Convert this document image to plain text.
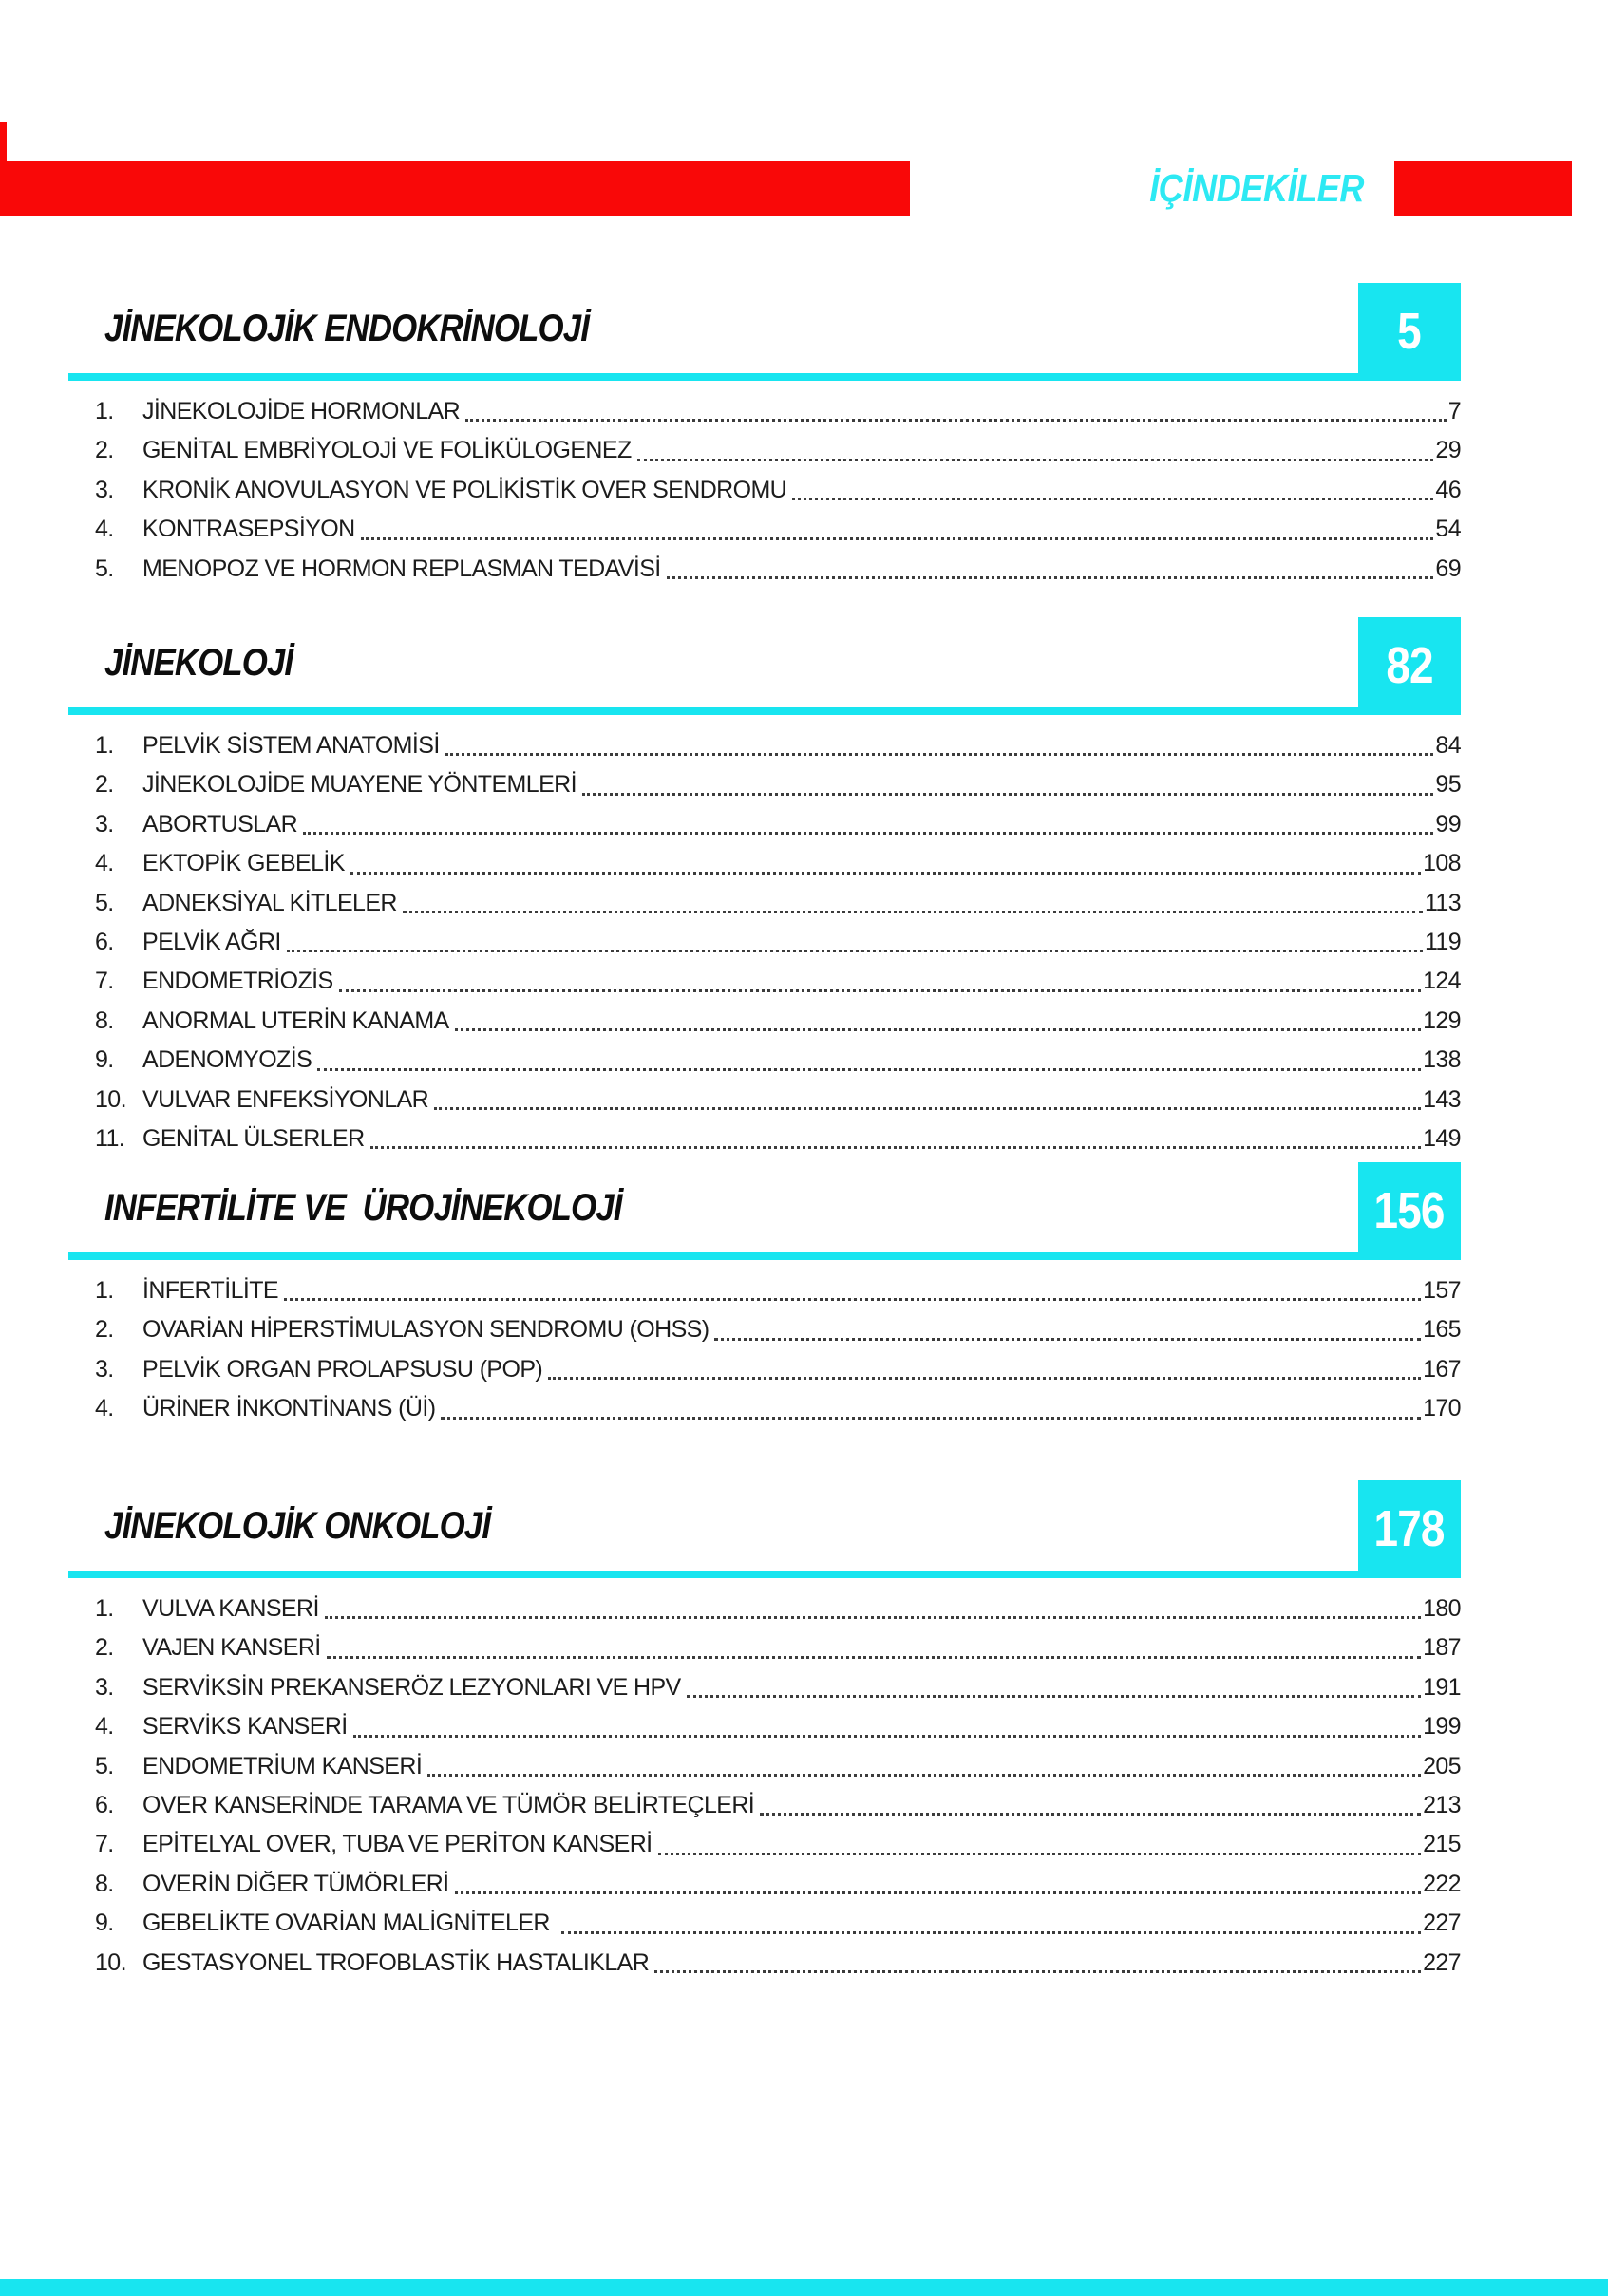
İÇİNDEKİLER
JİNEKOLOJİK ENDOKRİNOLOJİ	5
1.	JİNEKOLOJİDE HORMONLAR	7
2.	GENİTAL EMBRİYOLOJİ VE FOLİKÜLOGENEZ	29
3.	KRONİK ANOVULASYON VE POLİKİSTİK OVER SENDROMU	46
4.	KONTRASEPSİYON	54
5.	MENOPOZ VE HORMON REPLASMAN TEDAVİSİ	69
JİNEKOLOJİ	82
1.	PELVİK SİSTEM ANATOMİSİ	84
2.	JİNEKOLOJİDE MUAYENE YÖNTEMLERİ	95
3.	ABORTUSLAR	99
4.	EKTOPİK GEBELİK	108
5.	ADNEKSİYAL KİTLELER	113
6.	PELVİK AĞRI	119
7.	ENDOMETRİOZİS	124
8.	ANORMAL UTERİN KANAMA	129
9.	ADENOMYOZİS	138
10. VULVAR ENFEKSİYONLAR	143
11. GENİTAL ÜLSERLER	149
INFERTİLİTE VE  ÜROJİNEKOLOJİ	156
1.	İNFERTİLİTE	157
2.	OVARİAN HİPERSTİMULASYON SENDROMU (OHSS)	165
3.	PELVİK ORGAN PROLAPSUSU (POP)	167
4.	ÜRİNER İNKONTİNANS (Üİ)	170
JİNEKOLOJİK ONKOLOJİ	178
1.	VULVA KANSERİ	180
2.	VAJEN KANSERİ	187
3.	SERVİKSİN PREKANSERÖZ LEZYONLARI VE HPV	191
4.	SERVİKS KANSERİ	199
5.	ENDOMETRİUM KANSERİ	205
6.	OVER KANSERİNDE TARAMA VE TÜMÖR BELİRTEÇLERİ	213
7.	EPİTELYAL OVER, TUBA VE PERİTON KANSERİ	215
8.	OVERİN DİĞER TÜMÖRLERİ	222
9.	GEBELİKTE OVARİAN MALİGNİTELER	227
10. GESTASYONEL TROFOBLASTİK HASTALIKLAR	227
